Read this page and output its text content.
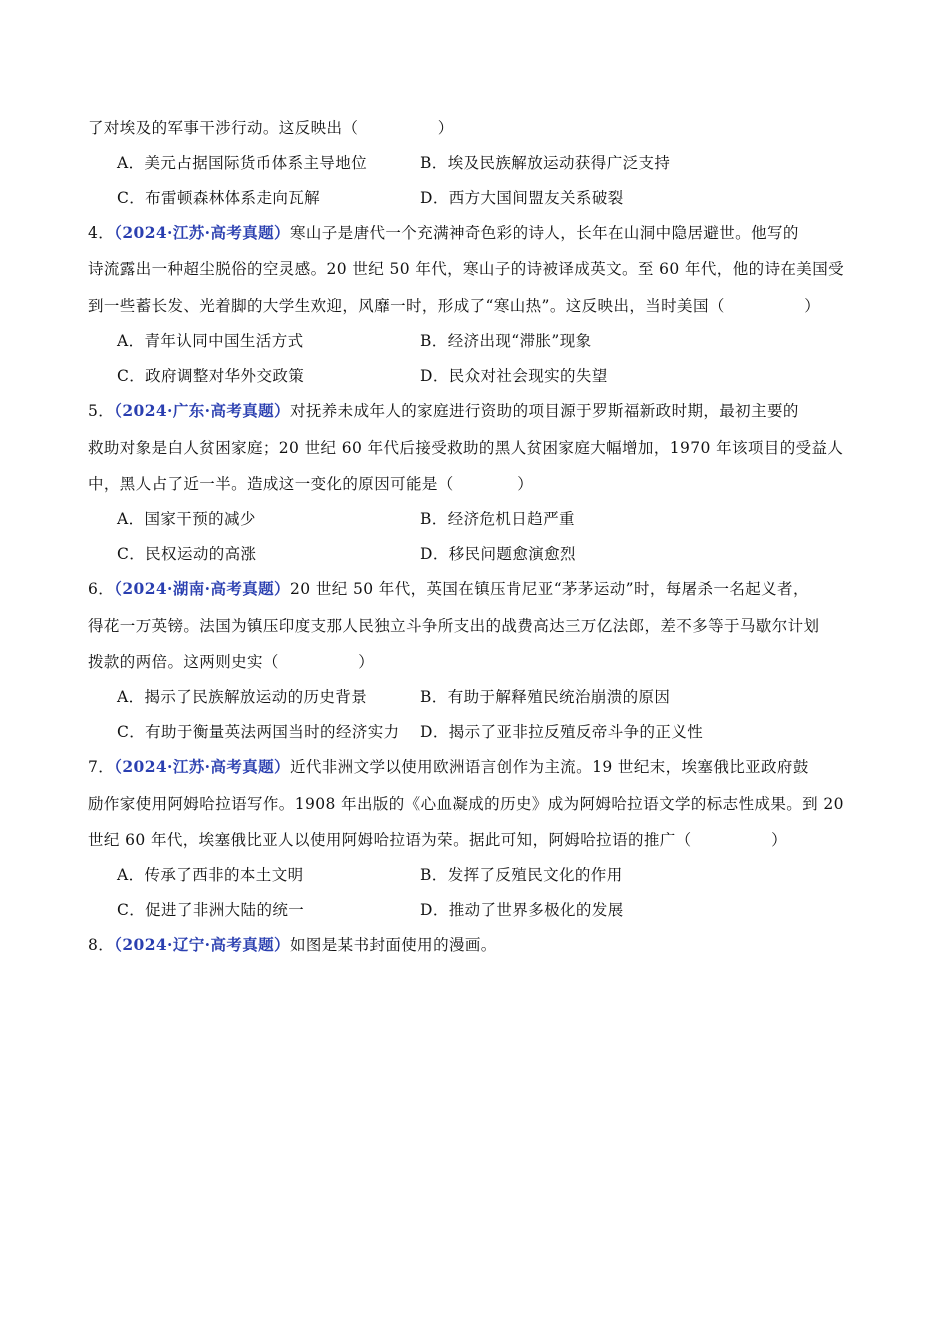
了对埃及的军事干涉行动。这反映出（　　　　　）
A．美元占据国际货币体系主导地位	B．埃及民族解放运动获得广泛支持
C．布雷顿森林体系走向瓦解	D．西方大国间盟友关系破裂
4．（2024·江苏·高考真题）寒山子是唐代一个充满神奇色彩的诗人，长年在山洞中隐居避世。他写的
诗流露出一种超尘脱俗的空灵感。20 世纪 50 年代，寒山子的诗被译成英文。至 60 年代，他的诗在美国受
到一些蓄长发、光着脚的大学生欢迎，风靡一时，形成了“寒山热”。这反映出，当时美国（　　　　　）
A．青年认同中国生活方式	B．经济出现“滞胀”现象
C．政府调整对华外交政策	D．民众对社会现实的失望
5．（2024·广东·高考真题）对抚养未成年人的家庭进行资助的项目源于罗斯福新政时期，最初主要的
救助对象是白人贫困家庭；20 世纪 60 年代后接受救助的黑人贫困家庭大幅增加，1970 年该项目的受益人
中，黑人占了近一半。造成这一变化的原因可能是（　　　　）
A．国家干预的减少	B．经济危机日趋严重
C．民权运动的高涨	D．移民问题愈演愈烈
6．（2024·湖南·高考真题）20 世纪 50 年代，英国在镇压肯尼亚“茅茅运动”时，每屠杀一名起义者，
得花一万英镑。法国为镇压印度支那人民独立斗争所支出的战费高达三万亿法郎，差不多等于马歇尔计划
拨款的两倍。这两则史实（　　　　　）
A．揭示了民族解放运动的历史背景	B．有助于解释殖民统治崩溃的原因
C．有助于衡量英法两国当时的经济实力 D．揭示了亚非拉反殖反帝斗争的正义性
7．（2024·江苏·高考真题）近代非洲文学以使用欧洲语言创作为主流。19 世纪末，埃塞俄比亚政府鼓
励作家使用阿姆哈拉语写作。1908 年出版的《心血凝成的历史》成为阿姆哈拉语文学的标志性成果。到 20
世纪 60 年代，埃塞俄比亚人以使用阿姆哈拉语为荣。据此可知，阿姆哈拉语的推广（　　　　　）
A．传承了西非的本土文明	B．发挥了反殖民文化的作用
C．促进了非洲大陆的统一	D．推动了世界多极化的发展
8．（2024·辽宁·高考真题）如图是某书封面使用的漫画。
